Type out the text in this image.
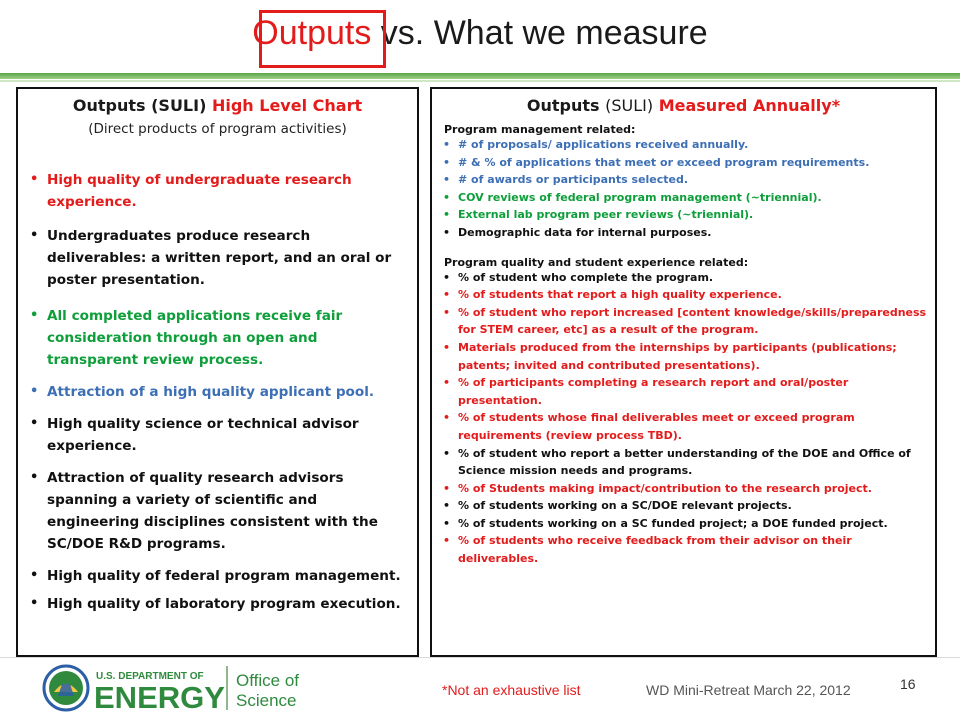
Outputs vs. What we measure
Outputs (SULI) High Level Chart
(Direct products of program activities)
• High quality of undergraduate research experience.
• Undergraduates produce research deliverables: a written report, and an oral or poster presentation.
• All completed applications receive fair consideration through an open and transparent review process.
• Attraction of a high quality applicant pool.
• High quality science or technical advisor experience.
• Attraction of quality research advisors spanning a variety of scientific and engineering disciplines consistent with the SC/DOE R&D programs.
• High quality of federal program management.
• High quality of laboratory program execution.
Outputs (SULI) Measured Annually*
Program management related:
• # of proposals/ applications received annually.
• # & % of applications that meet or exceed program requirements.
• # of awards or participants selected.
• COV reviews of federal program management (~triennial).
• External lab program peer reviews (~triennial).
• Demographic data for internal purposes.
Program quality and student experience related:
• % of student who complete the program.
• % of students that report a high quality experience.
• % of student who report increased [content knowledge/skills/preparedness for STEM career, etc] as a result of the program.
• Materials produced from the internships by participants (publications; patents; invited and contributed presentations).
• % of participants completing a research report and oral/poster presentation.
• % of students whose final deliverables meet or exceed program requirements (review process TBD).
• % of student who report a better understanding of the DOE and Office of Science mission needs and programs.
• % of Students making impact/contribution to the research project.
• % of students working on a SC/DOE relevant projects.
• % of students working on a SC funded project; a DOE funded project.
• % of students who receive feedback from their advisor on their deliverables.
U.S. DEPARTMENT OF
ENERGY Office of
Science
*Not an exhaustive list	WD Mini-Retreat March 22, 2012	16
